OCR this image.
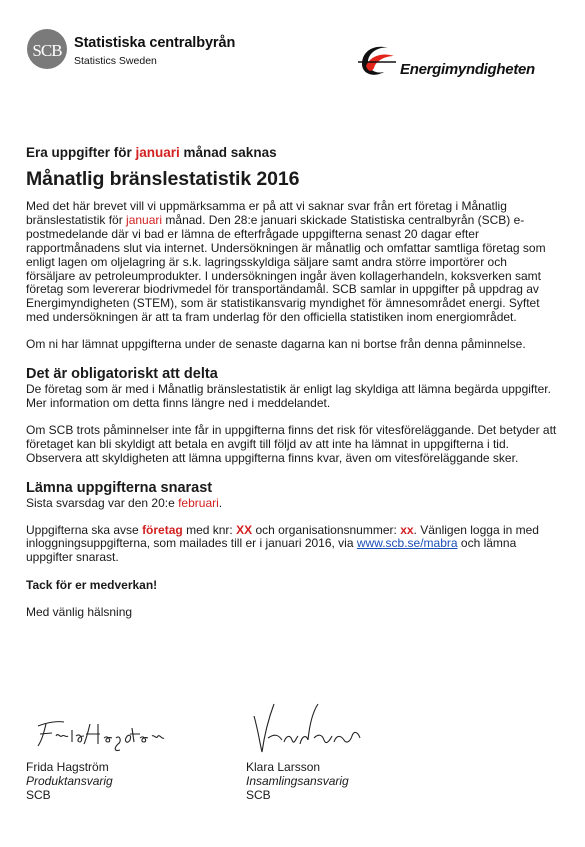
SCB Statistiska centralbyrån
Statistics Sweden	Energimyndigheten
Era uppgifter för januari månad saknas
Månatlig bränslestatistik 2016

Med det här brevet vill vi uppmärksamma er på att vi saknar svar från ert företag i Månatlig bränslestatistik för januari månad. Den 28:e januari skickade Statistiska centralbyrån (SCB) e-postmedelande där vi bad er lämna de efterfrågade uppgifterna senast 20 dagar efter rapportmånadens slut via internet. Undersökningen är månatlig och omfattar samtliga företag som enligt lagen om oljelagring är s.k. lagringsskyldiga säljare samt andra större importörer och försäljare av petroleumprodukter. I undersökningen ingår även kollagerhandeln, koksverken samt företag som levererar biodrivmedel för transportändamål. SCB samlar in uppgifter på uppdrag av Energimyndigheten (STEM), som är statistikansvarig myndighet för ämnesområdet energi. Syftet med undersökningen är att ta fram underlag för den officiella statistiken inom energiområdet.

Om ni har lämnat uppgifterna under de senaste dagarna kan ni bortse från denna påminnelse.

Det är obligatoriskt att delta

De företag som är med i Månatlig bränslestatistik är enligt lag skyldiga att lämna begärda uppgifter. Mer information om detta finns längre ned i meddelandet.

Om SCB trots påminnelser inte får in uppgifterna finns det risk för vitesföreläggande. Det betyder att företaget kan bli skyldigt att betala en avgift till följd av att inte ha lämnat in uppgifterna i tid. Observera att skyldigheten att lämna uppgifterna finns kvar, även om vitesföreläggande sker.

Lämna uppgifterna snarast

Sista svarsdag var den 20:e februari.

Uppgifterna ska avse företag med knr: XX och organisationsnummer: xx. Vänligen logga in med inloggningsuppgifterna, som mailades till er i januari 2016, via www.scb.se/mabra och lämna uppgifter snarast.

Tack för er medverkan!

Med vänlig hälsning

Frida Hagström
Produktansvarig
SCB
Klara Larsson
Insamlingsansvarig
SCB
